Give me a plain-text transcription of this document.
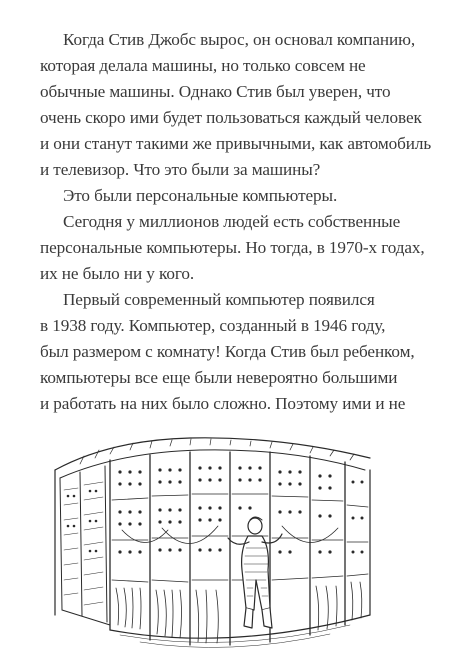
Когда Стив Джобс вырос, он основал компанию,
которая делала машины, но только совсем не
обычные машины. Однако Стив был уверен, что
очень скоро ими будет пользоваться каждый человек
и они станут такими же привычными, как автомобиль
и телевизор. Что это были за машины?
Это были персональные компьютеры.
Сегодня у миллионов людей есть собственные
персональные компьютеры. Но тогда, в 1970-х годах,
их не было ни у кого.
Первый современный компьютер появился
в 1938 году. Компьютер, созданный в 1946 году,
был размером с комнату! Когда Стив был ребенком,
компьютеры все еще были невероятно большими
и работать на них было сложно. Поэтому ими и не
